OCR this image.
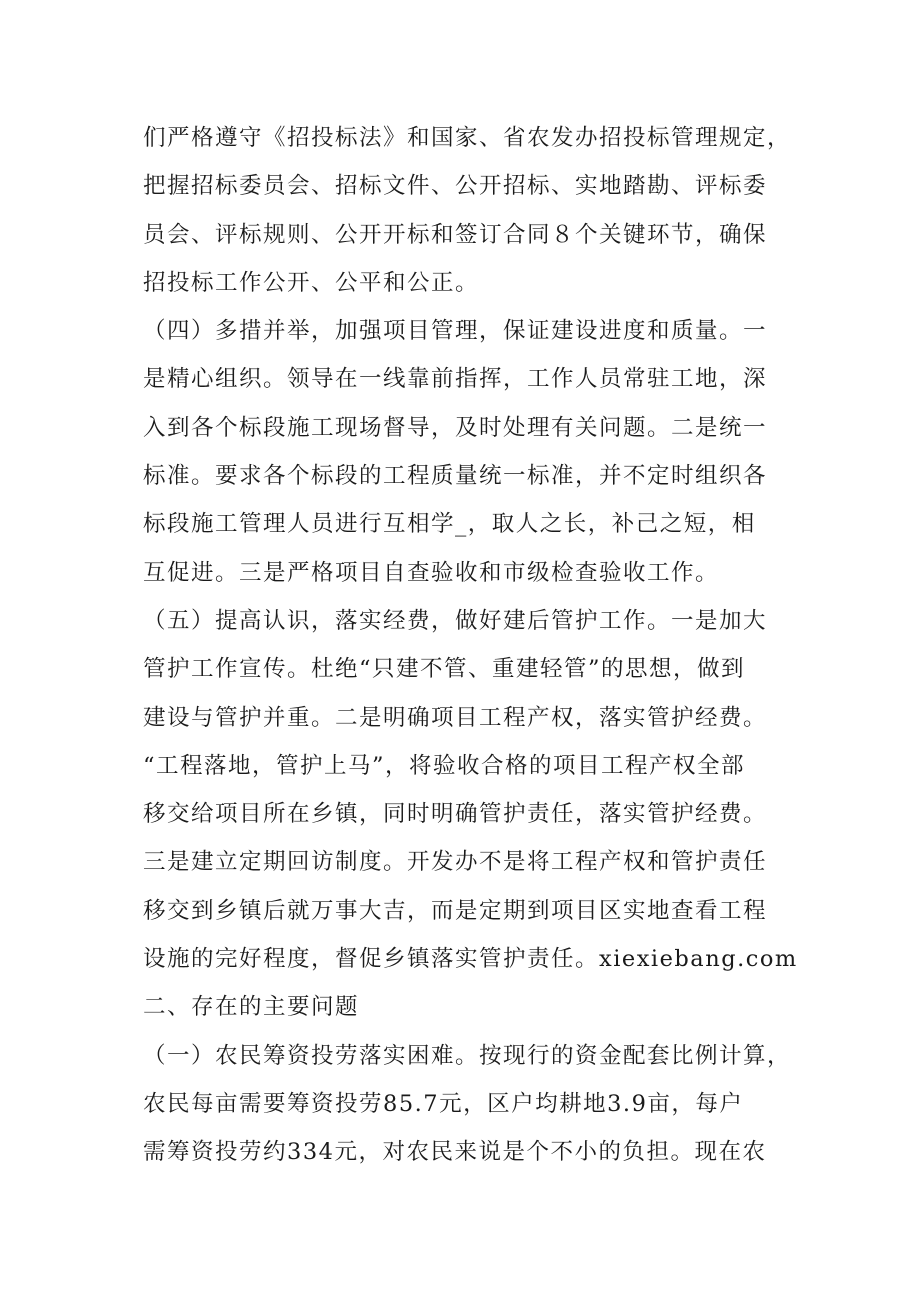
们严格遵守《招投标法》和国家、省农发办招投标管理规定，
把握招标委员会、招标文件、公开招标、实地踏勘、评标委
员会、评标规则、公开开标和签订合同８个关键环节，确保
招投标工作公开、公平和公正。
（四）多措并举，加强项目管理，保证建设进度和质量。一
是精心组织。领导在一线靠前指挥，工作人员常驻工地，深
入到各个标段施工现场督导，及时处理有关问题。二是统一
标准。要求各个标段的工程质量统一标准，并不定时组织各
标段施工管理人员进行互相学_，取人之长，补己之短，相
互促进。三是严格项目自查验收和市级检查验收工作。
（五）提高认识，落实经费，做好建后管护工作。一是加大
管护工作宣传。杜绝“只建不管、重建轻管”的思想，做到
建设与管护并重。二是明确项目工程产权，落实管护经费。
“工程落地，管护上马”，将验收合格的项目工程产权全部
移交给项目所在乡镇，同时明确管护责任，落实管护经费。
三是建立定期回访制度。开发办不是将工程产权和管护责任
移交到乡镇后就万事大吉，而是定期到项目区实地查看工程
设施的完好程度，督促乡镇落实管护责任。xiexiebang.com
二、存在的主要问题
（一）农民筹资投劳落实困难。按现行的资金配套比例计算，
农民每亩需要筹资投劳85.7元，区户均耕地3.9亩，每户
需筹资投劳约334元，对农民来说是个不小的负担。现在农
